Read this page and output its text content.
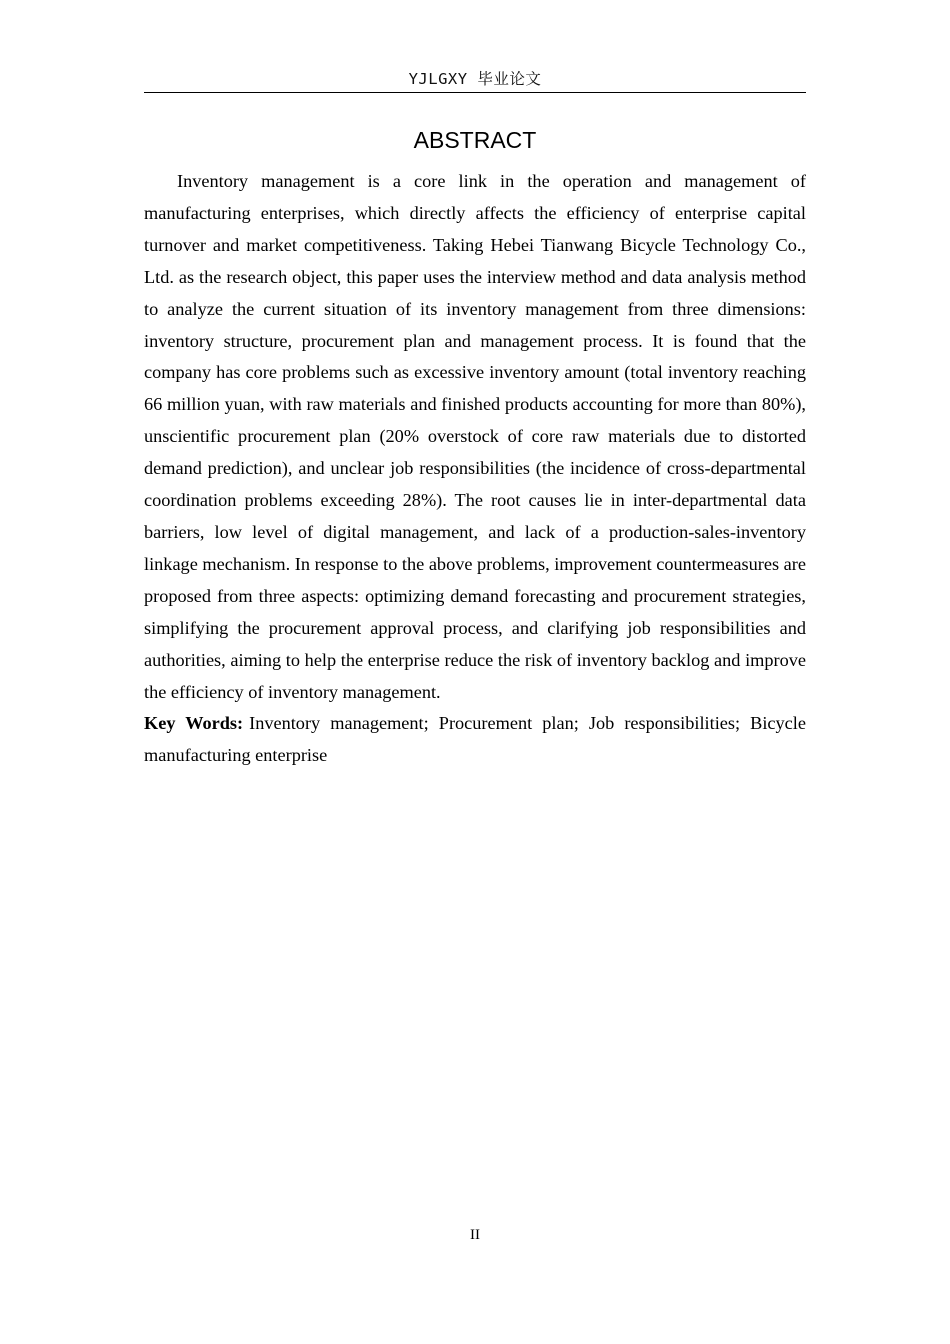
YJLGXY 毕业论文
ABSTRACT

Inventory management is a core link in the operation and management of manufacturing enterprises, which directly affects the efficiency of enterprise capital turnover and market competitiveness. Taking Hebei Tianwang Bicycle Technology Co., Ltd. as the research object, this paper uses the interview method and data analysis method to analyze the current situation of its inventory management from three dimensions: inventory structure, procurement plan and management process. It is found that the company has core problems such as excessive inventory amount (total inventory reaching 66 million yuan, with raw materials and finished products accounting for more than 80%), unscientific procurement plan (20% overstock of core raw materials due to distorted demand prediction), and unclear job responsibilities (the incidence of cross-departmental coordination problems exceeding 28%). The root causes lie in inter-departmental data barriers, low level of digital management, and lack of a production-sales-inventory linkage mechanism. In response to the above problems, improvement countermeasures are proposed from three aspects: optimizing demand forecasting and procurement strategies, simplifying the procurement approval process, and clarifying job responsibilities and authorities, aiming to help the enterprise reduce the risk of inventory backlog and improve the efficiency of inventory management.

Key Words: Inventory management; Procurement plan; Job responsibilities; Bicycle manufacturing enterprise

II
